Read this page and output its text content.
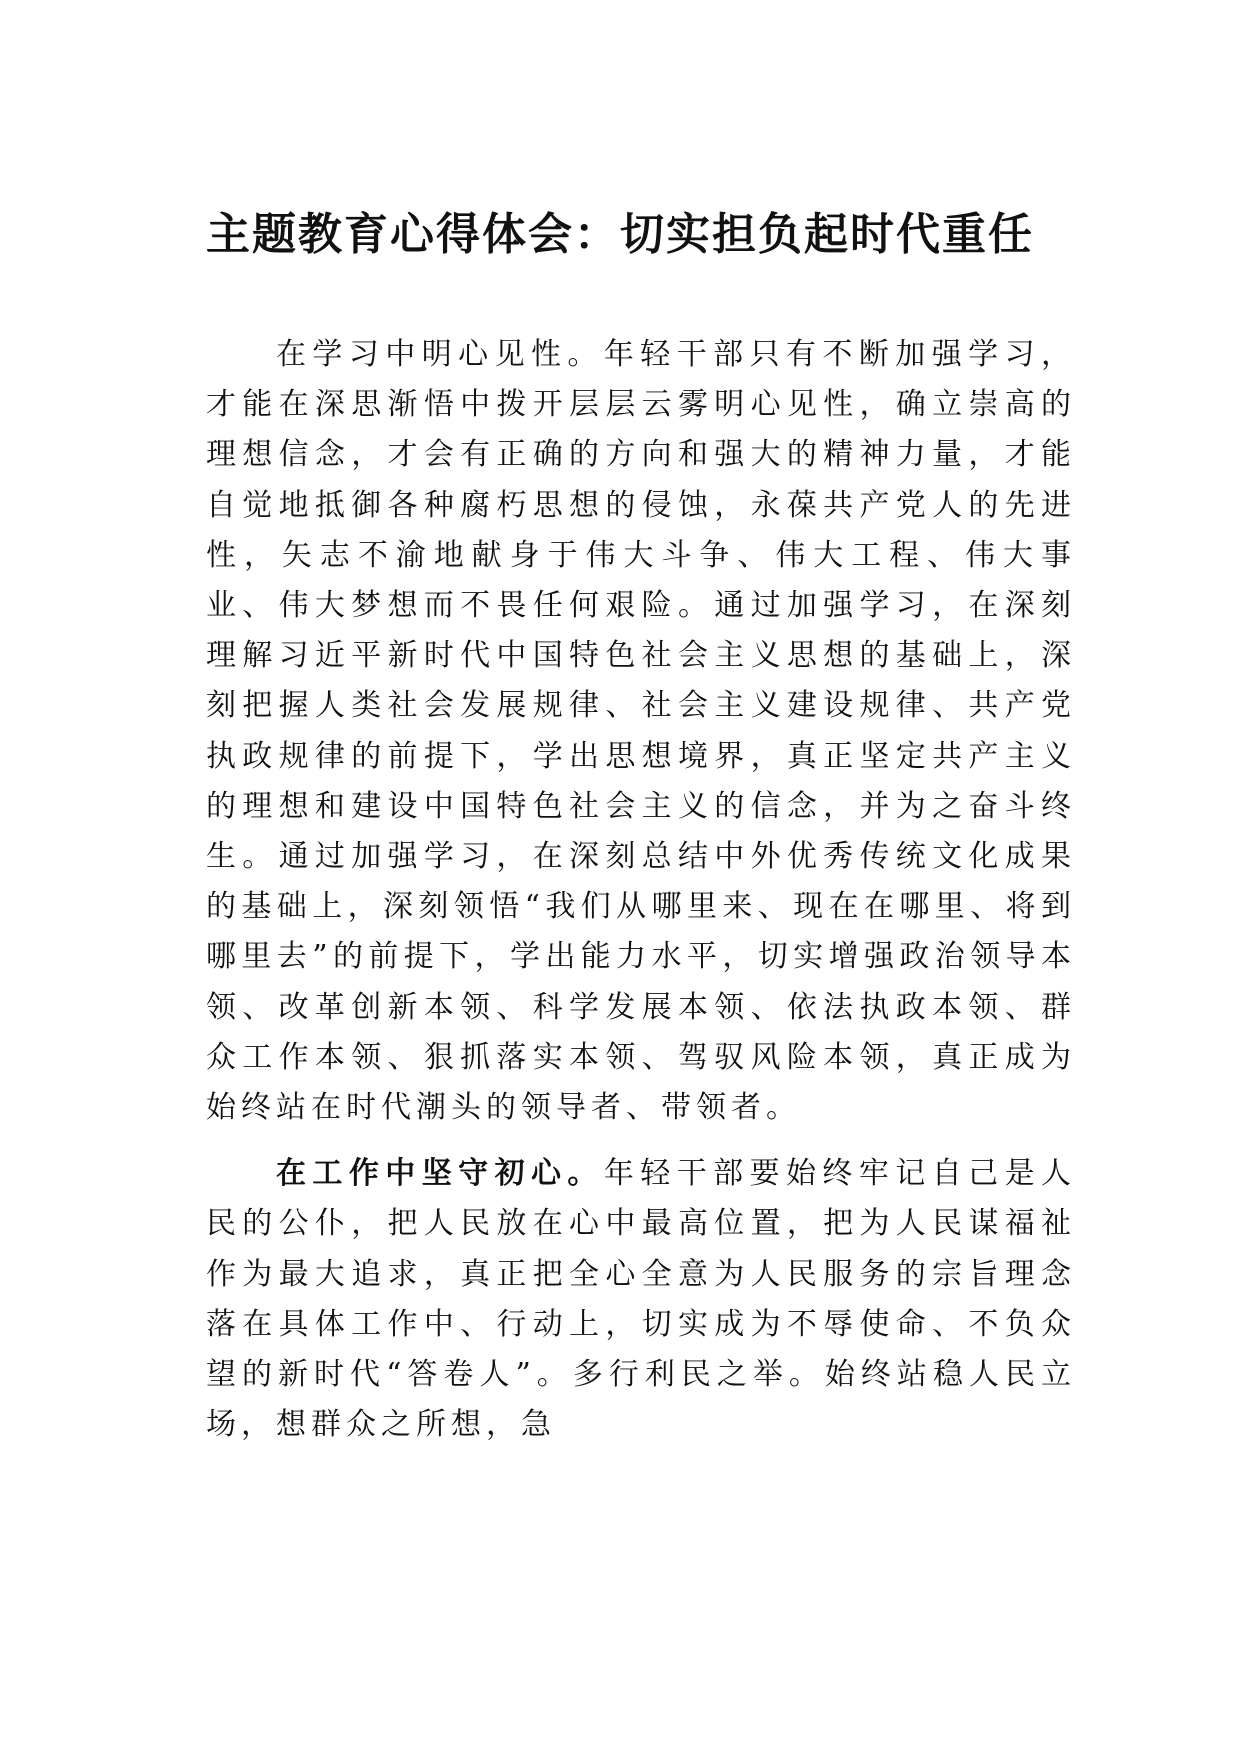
主题教育心得体会：切实担负起时代重任

在学习中明心见性。年轻干部只有不断加强学习，才能在深思渐悟中拨开层层云雾明心见性，确立崇高的理想信念，才会有正确的方向和强大的精神力量，才能自觉地抵御各种腐朽思想的侵蚀，永葆共产党人的先进性，矢志不渝地献身于伟大斗争、伟大工程、伟大事业、伟大梦想而不畏任何艰险。通过加强学习，在深刻理解习近平新时代中国特色社会主义思想的基础上，深刻把握人类社会发展规律、社会主义建设规律、共产党执政规律的前提下，学出思想境界，真正坚定共产主义的理想和建设中国特色社会主义的信念，并为之奋斗终生。通过加强学习，在深刻总结中外优秀传统文化成果的基础上，深刻领悟“我们从哪里来、现在在哪里、将到哪里去”的前提下，学出能力水平，切实增强政治领导本领、改革创新本领、科学发展本领、依法执政本领、群众工作本领、狠抓落实本领、驾驭风险本领，真正成为始终站在时代潮头的领导者、带领者。

在工作中坚守初心。年轻干部要始终牢记自己是人民的公仆，把人民放在心中最高位置，把为人民谋福祉作为最大追求，真正把全心全意为人民服务的宗旨理念落在具体工作中、行动上，切实成为不辱使命、不负众望的新时代“答卷人”。多行利民之举。始终站稳人民立场，想群众之所想，急
